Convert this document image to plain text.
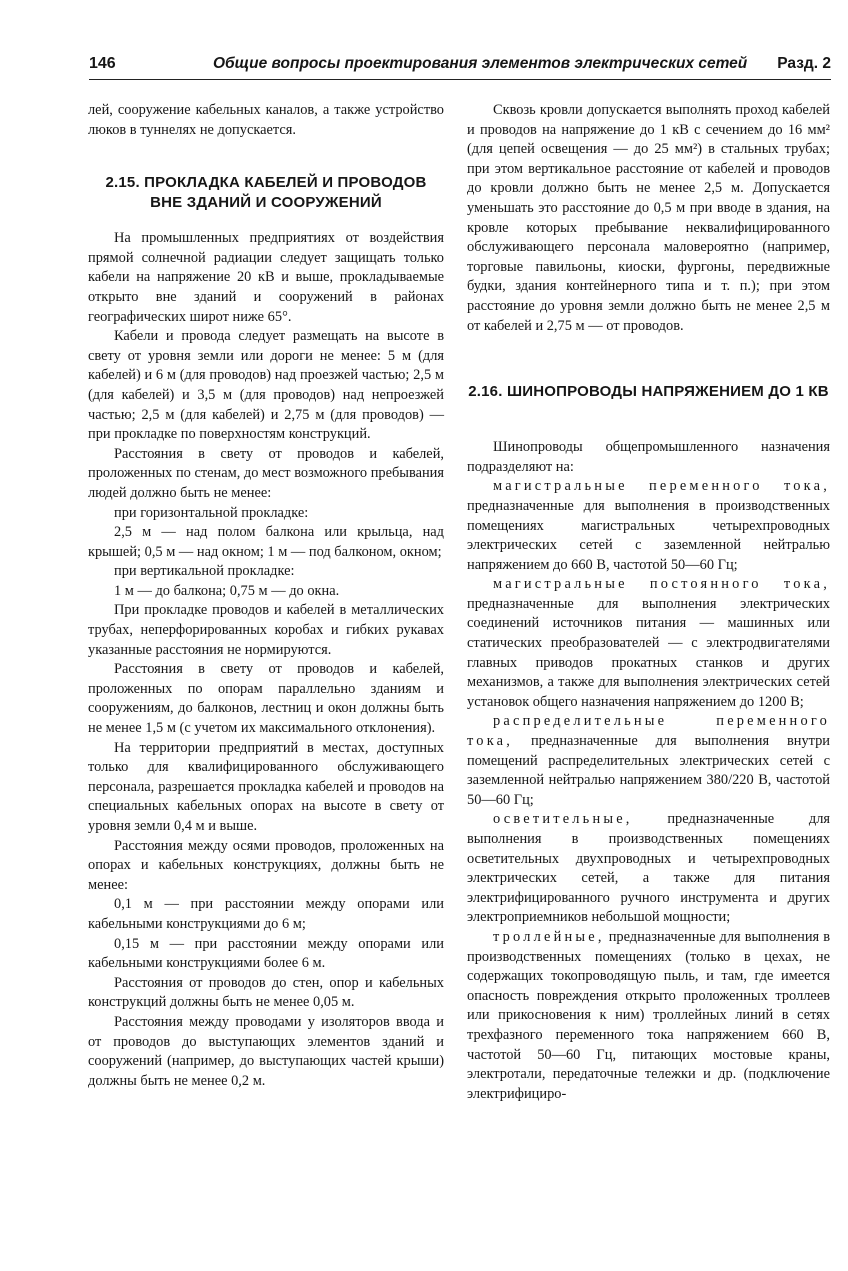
146	Общие вопросы проектирования элементов электрических сетей Разд. 2

лей, сооружение кабельных каналов, а также устройство люков в туннелях не допускается.

2.15. ПРОКЛАДКА КАБЕЛЕЙ И ПРОВОДОВ ВНЕ ЗДАНИЙ И СООРУЖЕНИЙ

На промышленных предприятиях от воздействия прямой солнечной радиации следует защищать только кабели на напряжение 20 кВ и выше, прокладываемые открыто вне зданий и сооружений в районах географических широт ниже 65°.

Кабели и провода следует размещать на высоте в свету от уровня земли или дороги не менее: 5 м (для кабелей) и 6 м (для проводов) над проезжей частью; 2,5 м (для кабелей) и 3,5 м (для проводов) над непроезжей частью; 2,5 м (для кабелей) и 2,75 м (для проводов) — при прокладке по поверхностям конструкций.

Расстояния в свету от проводов и кабелей, проложенных по стенам, до мест возможного пребывания людей должно быть не менее:

при горизонтальной прокладке:

2,5 м — над полом балкона или крыльца, над крышей; 0,5 м — над окном; 1 м — под балконом, окном;

при вертикальной прокладке:

1 м — до балкона; 0,75 м — до окна.

При прокладке проводов и кабелей в металлических трубах, неперфорированных коробах и гибких рукавах указанные расстояния не нормируются.

Расстояния в свету от проводов и кабелей, проложенных по опорам параллельно зданиям и сооружениям, до балконов, лестниц и окон должны быть не менее 1,5 м (с учетом их максимального отклонения).

На территории предприятий в местах, доступных только для квалифицированного обслуживающего персонала, разрешается прокладка кабелей и проводов на специальных кабельных опорах на высоте в свету от уровня земли 0,4 м и выше.

Расстояния между осями проводов, проложенных на опорах и кабельных конструкциях, должны быть не менее:

0,1 м — при расстоянии между опорами или кабельными конструкциями до 6 м;

0,15 м — при расстоянии между опорами или кабельными конструкциями более 6 м.

Расстояния от проводов до стен, опор и кабельных конструкций должны быть не менее 0,05 м.

Расстояния между проводами у изоляторов ввода и от проводов до выступающих элементов зданий и сооружений (например, до выступающих частей крыши) должны быть не менее 0,2 м.

Сквозь кровли допускается выполнять проход кабелей и проводов на напряжение до 1 кВ с сечением до 16 мм² (для цепей освещения — до 25 мм²) в стальных трубах; при этом вертикальное расстояние от кабелей и проводов до кровли должно быть не менее 2,5 м. Допускается уменьшать это расстояние до 0,5 м при вводе в здания, на кровле которых пребывание неквалифицированного обслуживающего персонала маловероятно (например, торговые павильоны, киоски, фургоны, передвижные будки, здания контейнерного типа и т. п.); при этом расстояние до уровня земли должно быть не менее 2,5 м от кабелей и 2,75 м — от проводов.

2.16. ШИНОПРОВОДЫ НАПРЯЖЕНИЕМ ДО 1 КВ

Шинопроводы общепромышленного назначения подразделяют на:

магистральные переменного тока, предназначенные для выполнения в производственных помещениях магистральных четырехпроводных электрических сетей с заземленной нейтралью напряжением до 660 В, частотой 50—60 Гц;

магистральные постоянного тока, предназначенные для выполнения электрических соединений источников питания — машинных или статических преобразователей — с электродвигателями главных приводов прокатных станков и других механизмов, а также для выполнения электрических сетей установок общего назначения напряжением до 1200 В;

распределительные переменного тока, предназначенные для выполнения внутри помещений распределительных электрических сетей с заземленной нейтралью напряжением 380/220 В, частотой 50—60 Гц;

осветительные, предназначенные для выполнения в производственных помещениях осветительных двухпроводных и четырехпроводных электрических сетей, а также для питания электрифицированного ручного инструмента и других электроприемников небольшой мощности;

троллейные, предназначенные для выполнения в производственных помещениях (только в цехах, не содержащих токопроводящую пыль, и там, где имеется опасность повреждения открыто проложенных троллеев или прикосновения к ним) троллейных линий в сетях трехфазного переменного тока напряжением 660 В, частотой 50—60 Гц, питающих мостовые краны, электротали, передаточные тележки и др. (подключение электрифициро-
